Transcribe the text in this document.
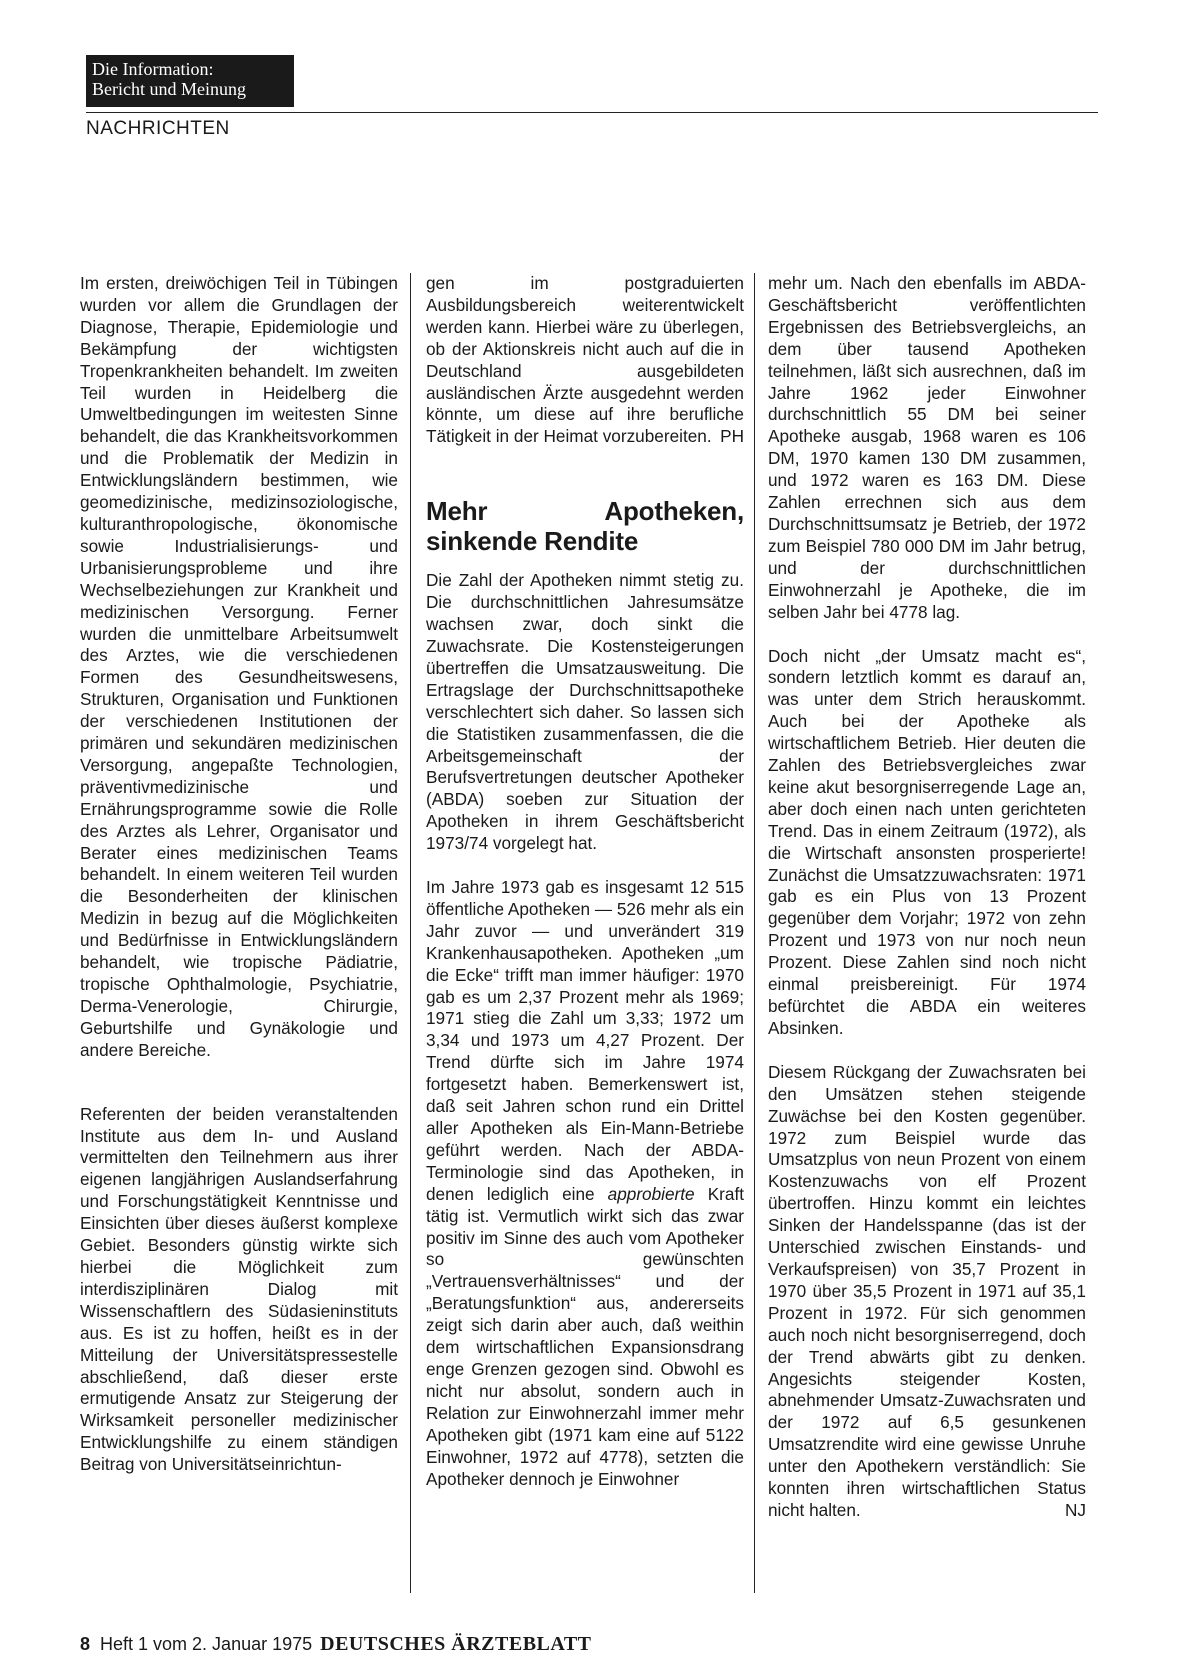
Die Information:
Bericht und Meinung
NACHRICHTEN

Im ersten, dreiwöchigen Teil in Tübingen wurden vor allem die Grundlagen der Diagnose, Therapie, Epidemiologie und Bekämpfung der wichtigsten Tropenkrankheiten behandelt. Im zweiten Teil wurden in Heidelberg die Umweltbedingungen im weitesten Sinne behandelt, die das Krankheitsvorkommen und die Problematik der Medizin in Entwicklungsländern bestimmen, wie geomedizinische, medizinsoziologische, kulturanthropologische, ökonomische sowie Industrialisierungs- und Urbanisierungsprobleme und ihre Wechselbeziehungen zur Krankheit und medizinischen Versorgung. Ferner wurden die unmittelbare Arbeitsumwelt des Arztes, wie die verschiedenen Formen des Gesundheitswesens, Strukturen, Organisation und Funktionen der verschiedenen Institutionen der primären und sekundären medizinischen Versorgung, angepaßte Technologien, präventivmedizinische und Ernährungsprogramme sowie die Rolle des Arztes als Lehrer, Organisator und Berater eines medizinischen Teams behandelt. In einem weiteren Teil wurden die Besonderheiten der klinischen Medizin in bezug auf die Möglichkeiten und Bedürfnisse in Entwicklungsländern behandelt, wie tropische Pädiatrie, tropische Ophthalmologie, Psychiatrie, Derma-Venerologie, Chirurgie, Geburtshilfe und Gynäkologie und andere Bereiche.

Referenten der beiden veranstaltenden Institute aus dem In- und Ausland vermittelten den Teilnehmern aus ihrer eigenen langjährigen Auslandserfahrung und Forschungstätigkeit Kenntnisse und Einsichten über dieses äußerst komplexe Gebiet. Besonders günstig wirkte sich hierbei die Möglichkeit zum interdisziplinären Dialog mit Wissenschaftlern des Südasieninstituts aus. Es ist zu hoffen, heißt es in der Mitteilung der Universitätspressestelle abschließend, daß dieser erste ermutigende Ansatz zur Steigerung der Wirksamkeit personeller medizinischer Entwicklungshilfe zu einem ständigen Beitrag von Universitätseinrichtun-

gen im postgraduierten Ausbildungsbereich weiterentwickelt werden kann. Hierbei wäre zu überlegen, ob der Aktionskreis nicht auch auf die in Deutschland ausgebildeten ausländischen Ärzte ausgedehnt werden könnte, um diese auf ihre berufliche Tätigkeit in der Heimat vorzubereiten. PH

Mehr Apotheken, sinkende Rendite

Die Zahl der Apotheken nimmt stetig zu. Die durchschnittlichen Jahresumsätze wachsen zwar, doch sinkt die Zuwachsrate. Die Kostensteigerungen übertreffen die Umsatzausweitung. Die Ertragslage der Durchschnittsapotheke verschlechtert sich daher. So lassen sich die Statistiken zusammenfassen, die die Arbeitsgemeinschaft der Berufsvertretungen deutscher Apotheker (ABDA) soeben zur Situation der Apotheken in ihrem Geschäftsbericht 1973/74 vorgelegt hat.

Im Jahre 1973 gab es insgesamt 12 515 öffentliche Apotheken — 526 mehr als ein Jahr zuvor — und unverändert 319 Krankenhausapotheken. Apotheken „um die Ecke“ trifft man immer häufiger: 1970 gab es um 2,37 Prozent mehr als 1969; 1971 stieg die Zahl um 3,33; 1972 um 3,34 und 1973 um 4,27 Prozent. Der Trend dürfte sich im Jahre 1974 fortgesetzt haben. Bemerkenswert ist, daß seit Jahren schon rund ein Drittel aller Apotheken als Ein-Mann-Betriebe geführt werden. Nach der ABDA-Terminologie sind das Apotheken, in denen lediglich eine approbierte Kraft tätig ist. Vermutlich wirkt sich das zwar positiv im Sinne des auch vom Apotheker so gewünschten „Vertrauensverhältnisses“ und der „Beratungsfunktion“ aus, andererseits zeigt sich darin aber auch, daß weithin dem wirtschaftlichen Expansionsdrang enge Grenzen gezogen sind. Obwohl es nicht nur absolut, sondern auch in Relation zur Einwohnerzahl immer mehr Apotheken gibt (1971 kam eine auf 5122 Einwohner, 1972 auf 4778), setzten die Apotheker dennoch je Einwohner

mehr um. Nach den ebenfalls im ABDA-Geschäftsbericht veröffentlichten Ergebnissen des Betriebsvergleichs, an dem über tausend Apotheken teilnehmen, läßt sich ausrechnen, daß im Jahre 1962 jeder Einwohner durchschnittlich 55 DM bei seiner Apotheke ausgab, 1968 waren es 106 DM, 1970 kamen 130 DM zusammen, und 1972 waren es 163 DM. Diese Zahlen errechnen sich aus dem Durchschnittsumsatz je Betrieb, der 1972 zum Beispiel 780 000 DM im Jahr betrug, und der durchschnittlichen Einwohnerzahl je Apotheke, die im selben Jahr bei 4778 lag.

Doch nicht „der Umsatz macht es“, sondern letztlich kommt es darauf an, was unter dem Strich herauskommt. Auch bei der Apotheke als wirtschaftlichem Betrieb. Hier deuten die Zahlen des Betriebsvergleiches zwar keine akut besorgniserregende Lage an, aber doch einen nach unten gerichteten Trend. Das in einem Zeitraum (1972), als die Wirtschaft ansonsten prosperierte! Zunächst die Umsatzzuwachsraten: 1971 gab es ein Plus von 13 Prozent gegenüber dem Vorjahr; 1972 von zehn Prozent und 1973 von nur noch neun Prozent. Diese Zahlen sind noch nicht einmal preisbereinigt. Für 1974 befürchtet die ABDA ein weiteres Absinken.

Diesem Rückgang der Zuwachsraten bei den Umsätzen stehen steigende Zuwächse bei den Kosten gegenüber. 1972 zum Beispiel wurde das Umsatzplus von neun Prozent von einem Kostenzuwachs von elf Prozent übertroffen. Hinzu kommt ein leichtes Sinken der Handelsspanne (das ist der Unterschied zwischen Einstands- und Verkaufspreisen) von 35,7 Prozent in 1970 über 35,5 Prozent in 1971 auf 35,1 Prozent in 1972. Für sich genommen auch noch nicht besorgniserregend, doch der Trend abwärts gibt zu denken. Angesichts steigender Kosten, abnehmender Umsatz-Zuwachsraten und der 1972 auf 6,5 gesunkenen Umsatzrendite wird eine gewisse Unruhe unter den Apothekern verständlich: Sie konnten ihren wirtschaftlichen Status nicht halten.	NJ

8 Heft 1 vom 2. Januar 1975 DEUTSCHES ÄRZTEBLATT
